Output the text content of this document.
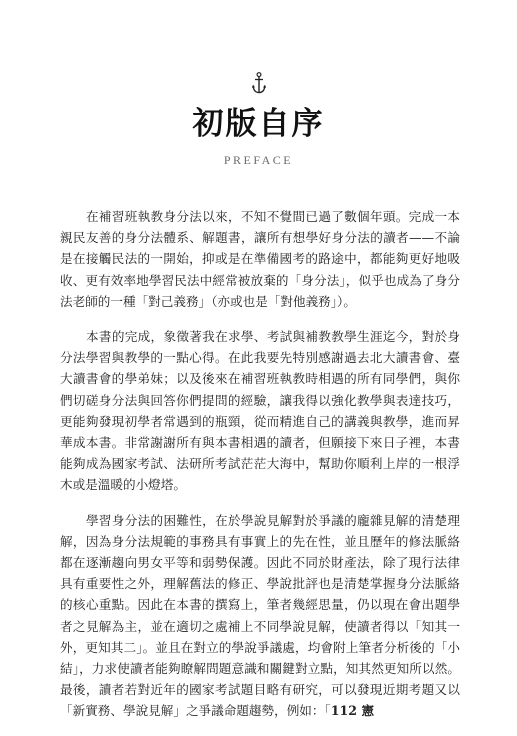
初版自序
PREFACE

在補習班執教身分法以來，不知不覺間已過了數個年頭。完成一本親民友善的身分法體系、解題書，讓所有想學好身分法的讀者——不論是在接觸民法的一開始，抑或是在準備國考的路途中，都能夠更好地吸收、更有效率地學習民法中經常被放棄的「身分法」，似乎也成為了身分法老師的一種「對己義務」（亦或也是「對他義務」）。

本書的完成，象徵著我在求學、考試與補教教學生涯迄今，對於身分法學習與教學的一點心得。在此我要先特別感謝過去北大讀書會、臺大讀書會的學弟妹；以及後來在補習班執教時相遇的所有同學們，與你們切磋身分法與回答你們提問的經驗，讓我得以強化教學與表達技巧，更能夠發現初學者常遇到的瓶頸，從而精進自己的講義與教學，進而昇華成本書。非常謝謝所有與本書相遇的讀者，但願接下來日子裡，本書能夠成為國家考試、法研所考試茫茫大海中，幫助你順利上岸的一根浮木或是溫暖的小燈塔。

學習身分法的困難性，在於學說見解對於爭議的龐雜見解的清楚理解，因為身分法規範的事務具有事實上的先在性，並且歷年的修法脈絡都在逐漸趨向男女平等和弱勢保護。因此不同於財產法，除了現行法律具有重要性之外，理解舊法的修正、學說批評也是清楚掌握身分法脈絡的核心重點。因此在本書的撰寫上，筆者幾經思量，仍以現在會出題學者之見解為主，並在適切之處補上不同學說見解，使讀者得以「知其一外，更知其二」。並且在對立的學說爭議處，均會附上筆者分析後的「小結」，力求使讀者能夠瞭解問題意識和關鍵對立點，知其然更知所以然。最後，讀者若對近年的國家考試題目略有研究，可以發現近期考題又以「新實務、學說見解」之爭議命題趨勢，例如：「112 憲
